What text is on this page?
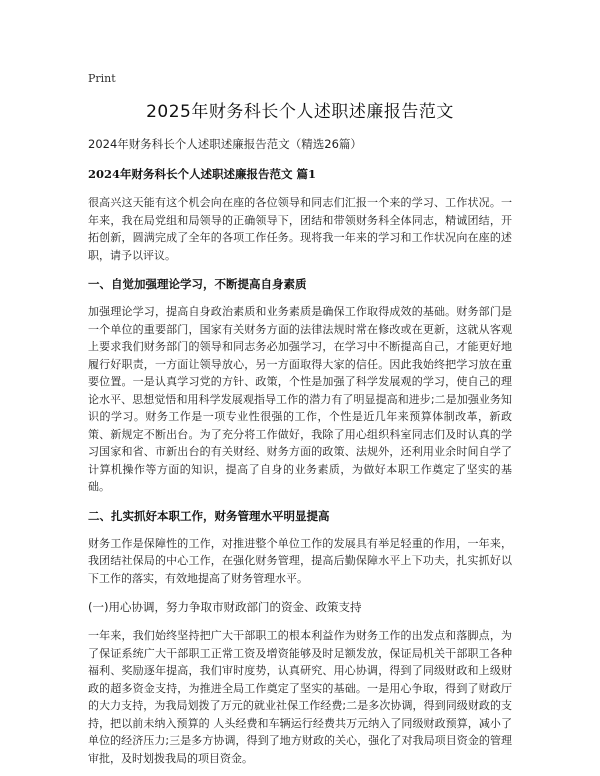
Print
2025年财务科长个人述职述廉报告范文
2024年财务科长个人述职述廉报告范文（精选26篇）
2024年财务科长个人述职述廉报告范文 篇1

很高兴这天能有这个机会向在座的各位领导和同志们汇报一个来的学习、工作状况。一年来，我在局党组和局领导的正确领导下，团结和带领财务科全体同志，精诚团结，开拓创新，圆满完成了全年的各项工作任务。现将我一年来的学习和工作状况向在座的述职，请予以评议。

一、自觉加强理论学习，不断提高自身素质

加强理论学习，提高自身政治素质和业务素质是确保工作取得成效的基础。财务部门是一个单位的重要部门，国家有关财务方面的法律法规时常在修改或在更新，这就从客观上要求我们财务部门的领导和同志务必加强学习，在学习中不断提高自己，才能更好地履行好职责，一方面让领导放心，另一方面取得大家的信任。因此我始终把学习放在重要位置。一是认真学习党的方针、政策，个性是加强了科学发展观的学习，使自己的理论水平、思想觉悟和用科学发展观指导工作的潜力有了明显提高和进步;二是加强业务知识的学习。财务工作是一项专业性很强的工作，个性是近几年来预算体制改革，新政策、新规定不断出台。为了充分将工作做好，我除了用心组织科室同志们及时认真的学习国家和省、市新出台的有关财经、财务方面的政策、法规外，还利用业余时间自学了计算机操作等方面的知识，提高了自身的业务素质，为做好本职工作奠定了坚实的基础。

二、扎实抓好本职工作，财务管理水平明显提高

财务工作是保障性的工作，对推进整个单位工作的发展具有举足轻重的作用，一年来，我团结社保局的中心工作，在强化财务管理，提高后勤保障水平上下功夫，扎实抓好以下工作的落实，有效地提高了财务管理水平。

(一)用心协调，努力争取市财政部门的资金、政策支持

一年来，我们始终坚持把广大干部职工的根本利益作为财务工作的出发点和落脚点，为了保证系统广大干部职工正常工资及增资能够及时足额发放，保证局机关干部职工各种福利、奖励逐年提高，我们审时度势，认真研究、用心协调，得到了同级财政和上级财政的超多资金支持，为推进全局工作奠定了坚实的基础。一是用心争取，得到了财政厅的大力支持，为我局划拨了万元的就业社保工作经费;二是多次协调，得到同级财政的支持，把以前未纳入预算的 人头经费和车辆运行经费共万元纳入了同级财政预算，减小了单位的经济压力;三是多方协调，得到了地方财政的关心，强化了对我局项目资金的管理审批，及时划拨我局的项目资金。
